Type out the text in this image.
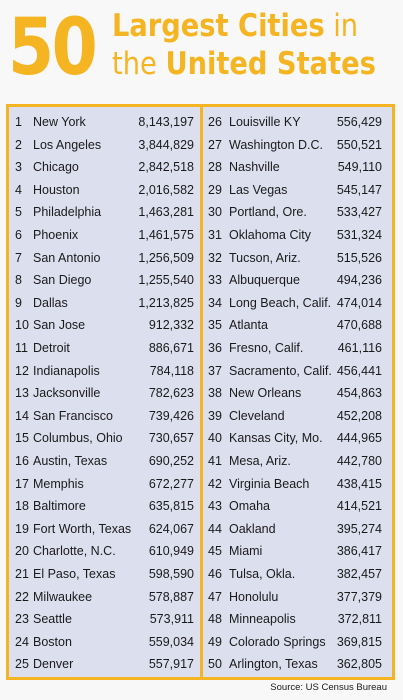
50 Largest Cities in
the United States
1 New York	8,143,197
2 Los Angeles	3,844,829
3 Chicago	2,842,518
4 Houston	2,016,582
5 Philadelphia	1,463,281
6 Phoenix	1,461,575
7 San Antonio	1,256,509
8 San Diego	1,255,540
9 Dallas	1,213,825
10 San Jose	912,332
11 Detroit	886,671
12 Indianapolis	784,118
13 Jacksonville	782,623
14 San Francisco	739,426
15 Columbus, Ohio 730,657
16 Austin, Texas	690,252
17 Memphis	672,277
18 Baltimore	635,815
19 Fort Worth, Texas 624,067
20 Charlotte, N.C.	610,949
21 El Paso, Texas	598,590
22 Milwaukee	578,887
23 Seattle	573,911
24 Boston	559,034
25 Denver	557,917
26 Louisville KY	556,429
27 Washington D.C. 550,521
28 Nashville	549,110
29 Las Vegas	545,147
30 Portland, Ore. 533,427
31 Oklahoma City 531,324
32 Tucson, Ariz.	515,526
33 Albuquerque	494,236
34 Long Beach, Calif. 474,014
35 Atlanta	470,688
36 Fresno, Calif.	461,116
37 Sacramento, Calif. 456,441
38 New Orleans	454,863
39 Cleveland	452,208
40 Kansas City, Mo. 444,965
41 Mesa, Ariz.	442,780
42 Virginia Beach 438,415
43 Omaha	414,521
44 Oakland	395,274
45 Miami	386,417
46 Tulsa, Okla.	382,457
47 Honolulu	377,379
48 Minneapolis	372,811
49 Colorado Springs 369,815
50 Arlington, Texas 362,805
Source: US Census Bureau
